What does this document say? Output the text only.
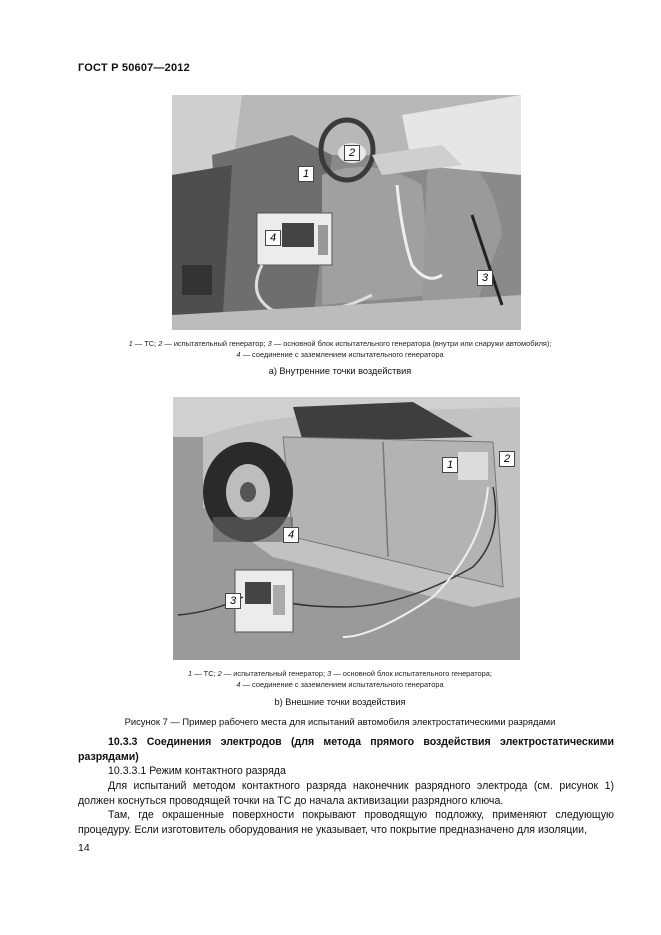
ГОСТ Р 50607—2012
1
2
3
4
1 — ТС; 2 — испытательный генератор; 3 — основной блок испытательного генератора (внутри или снаружи автомобиля);
4 — соединение с заземлением испытательного генератора
а) Внутренние точки воздействия
1	2
3
4
1 — ТС; 2 — испытательный генератор; 3 — основной блок испытательного генератора;
4 — соединение с заземлением испытательного генератора
b) Внешние точки воздействия
Рисунок 7 — Пример рабочего места для испытаний автомобиля электростатическими разрядами
10.3.3 Соединения электродов (для метода прямого воздействия электростатическими разрядами)
10.3.3.1 Режим контактного разряда
Для испытаний методом контактного разряда наконечник разрядного электрода (см. рисунок 1) должен коснуться проводящей точки на ТС до начала активизации разрядного ключа.
Там, где окрашенные поверхности покрывают проводящую подложку, применяют следующую процедуру. Если изготовитель оборудования не указывает, что покрытие предназначено для изоляции,
14
